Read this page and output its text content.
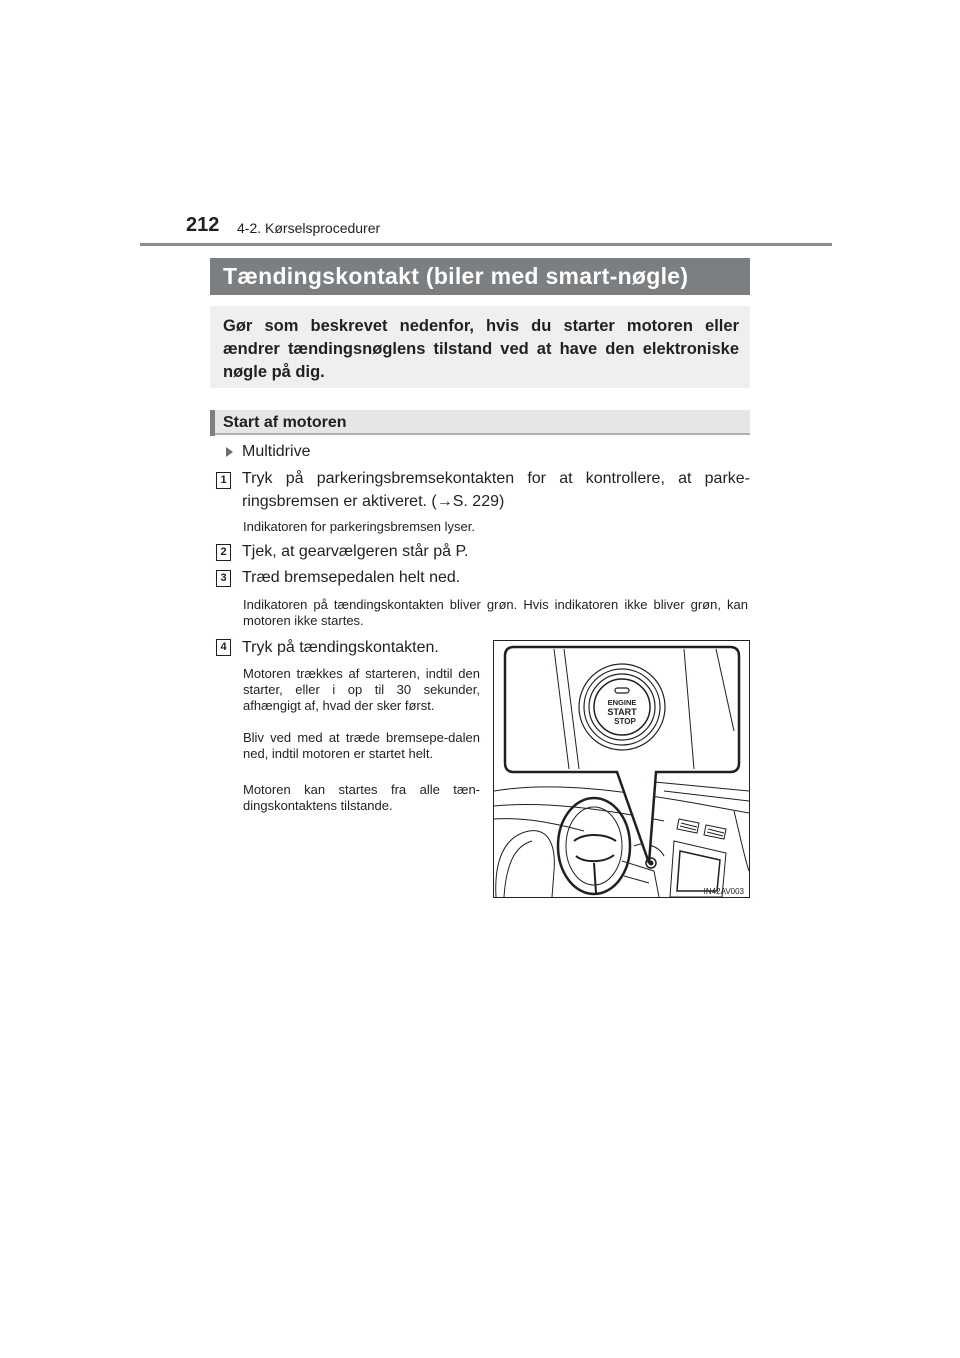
212 4-2. Kørselsprocedurer
Tændingskontakt (biler med smart-nøgle)
Gør som beskrevet nedenfor, hvis du starter motoren eller ændrer tændingsnøglens tilstand ved at have den elektroniske nøgle på dig.
Start af motoren
Multidrive
1 Tryk på parkeringsbremsekontakten for at kontrollere, at parke-ringsbremsen er aktiveret. (→S. 229)
Indikatoren for parkeringsbremsen lyser.
2 Tjek, at gearvælgeren står på P.
3 Træd bremsepedalen helt ned.
Indikatoren på tændingskontakten bliver grøn. Hvis indikatoren ikke bliver grøn, kan motoren ikke startes.
4 Tryk på tændingskontakten.
Motoren trækkes af starteren, indtil den starter, eller i op til 30 sekunder, afhængigt af, hvad der sker først.
Bliv ved med at træde bremsepe-dalen ned, indtil motoren er startet helt.
Motoren kan startes fra alle tæn-dingskontaktens tilstande.
ENGINE
START
STOP
IN42AV003
